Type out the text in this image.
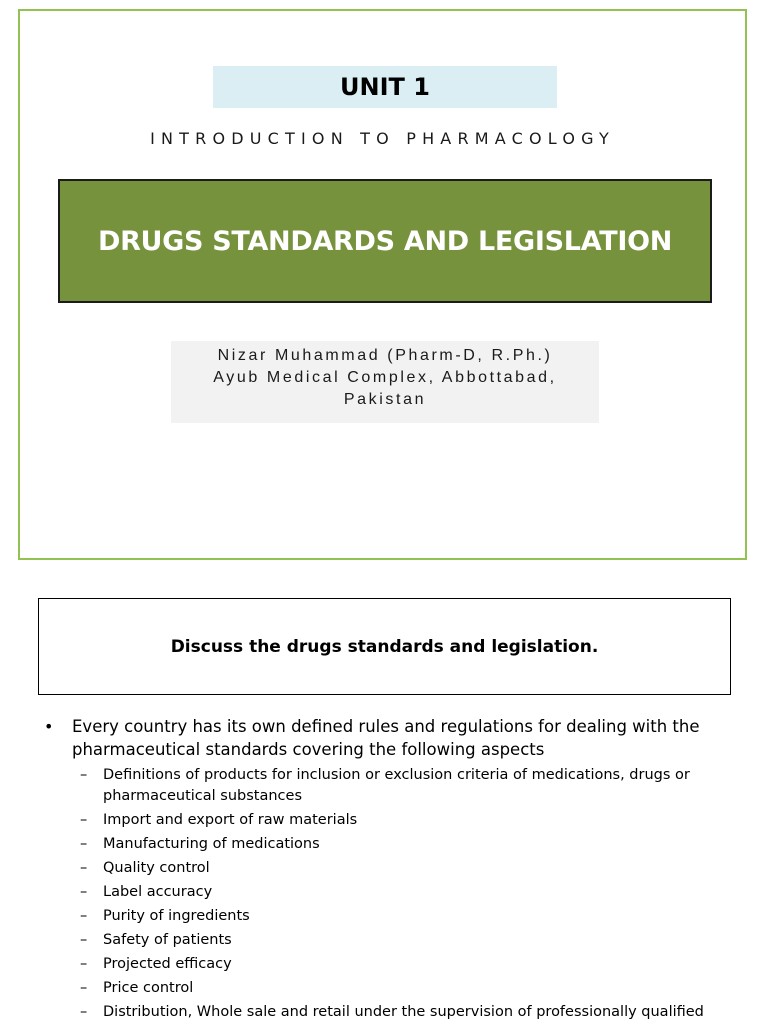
UNIT 1
INTRODUCTION TO PHARMACOLOGY
DRUGS STANDARDS AND LEGISLATION
Nizar Muhammad (Pharm-D, R.Ph.)
Ayub Medical Complex, Abbottabad,
Pakistan
Discuss the drugs standards and legislation.
•	Every country has its own defined rules and regulations for dealing with the pharmaceutical standards covering the following aspects
–	Definitions of products for inclusion or exclusion criteria of medications, drugs or pharmaceutical substances
–	Import and export of raw materials
–	Manufacturing of medications
–	Quality control
–	Label accuracy
–	Purity of ingredients
–	Safety of patients
–	Projected efficacy
–	Price control
–	Distribution, Whole sale and retail under the supervision of professionally qualified
